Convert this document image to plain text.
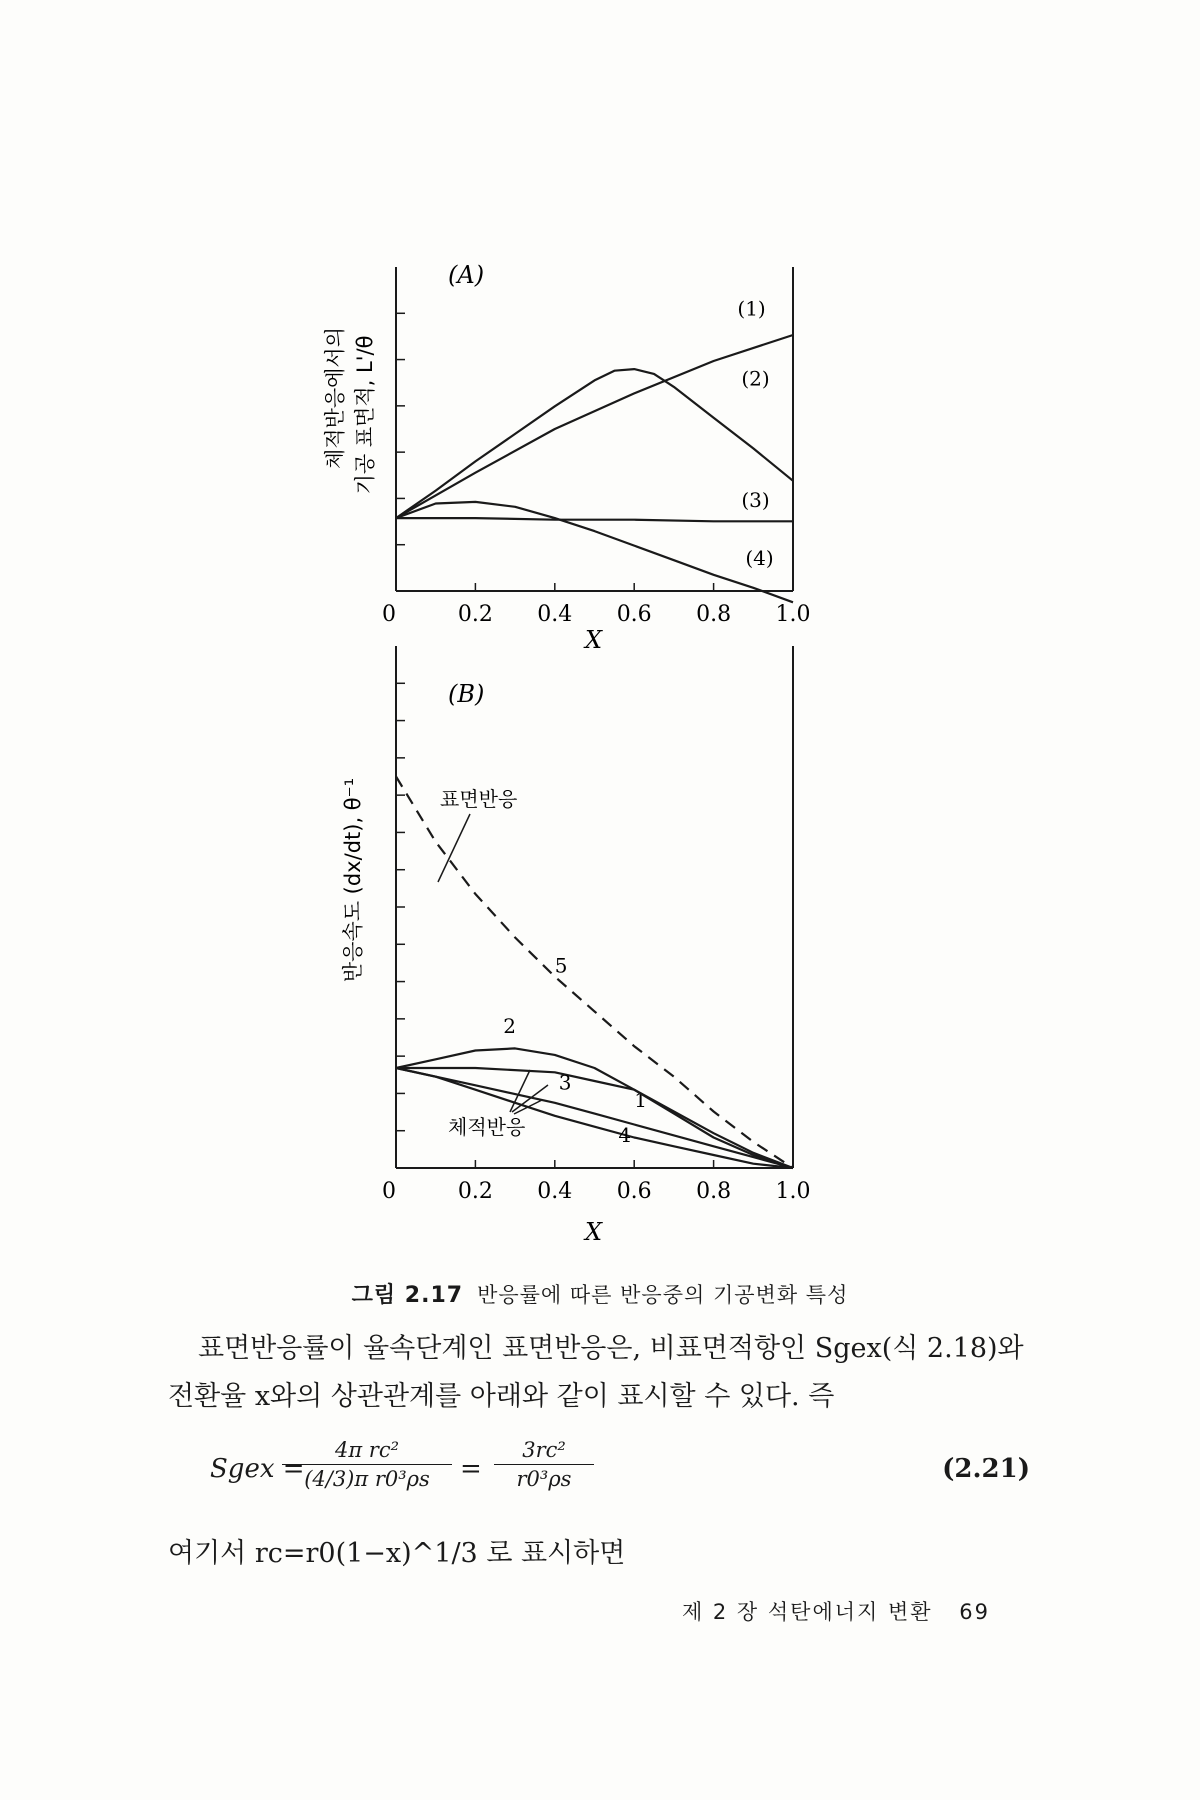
(A)
0	0.2 0.4 0.6 0.8 1.0
(1)
(2)
(3)
(4)
X
체적반응에서의 기공 표면적, L'/θ
(B)
0	0.2 0.4 0.6 0.8 1.0
5
1
2
3
4
X
반응속도 (dx/dt), θ⁻¹	표면반응
체적반응
그림 2.17 반응률에 따른 반응중의 기공변화 특성
표면반응률이 율속단계인 표면반응은, 비표면적항인 Sgex(식 2.18)와 전환율 x와의 상관관계를 아래와 같이 표시할 수 있다. 즉
Sgex =
$\frac{\text{4π rc²}}{\text{(4/3)π r0³ρs}} = \frac{\text{3rc²}}{\text{r0³ρs}}$	(2.21)
여기서 rc=r0(1−x)^1/3 로 표시하면
제 2 장 석탄에너지 변환 69
